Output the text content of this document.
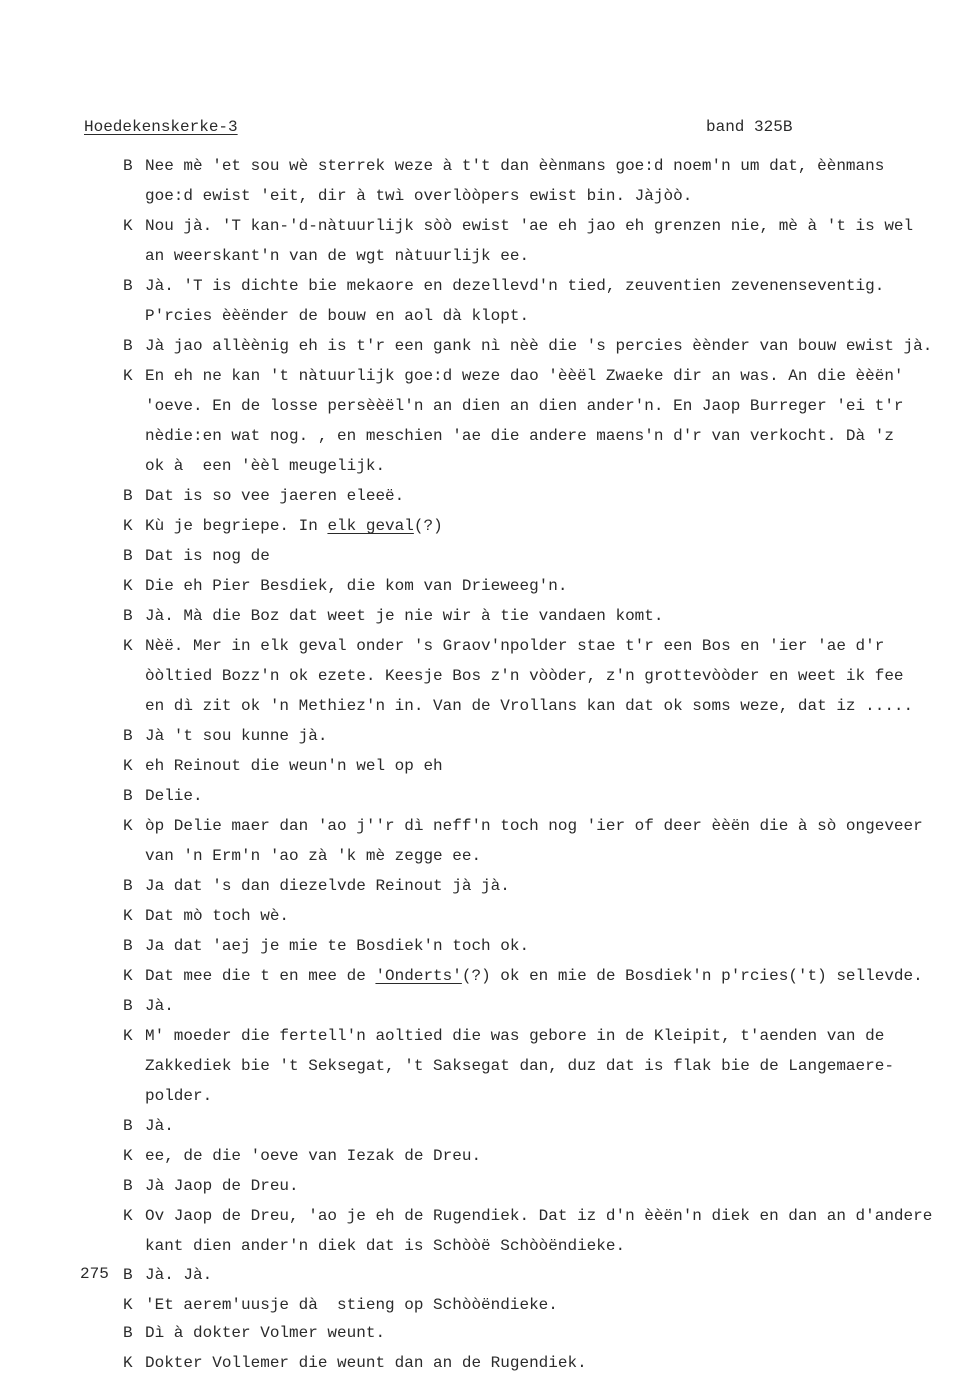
Hoedekenskerke-3	band 325B
B Nee mè 'et sou wè sterrek weze à t't dan èènmans goe:d noem'n um dat, èènmans
goe:d ewist 'eit, dir à twì overlòòpers ewist bin. Jàjòò.
K Nou jà. 'T kan-'d-nàtuurlijk sòò ewist 'ae eh jao eh grenzen nie, mè à 't is wel
an weerskant'n van de wgt nàtuurlijk ee.
B Jà. 'T is dichte bie mekaore en dezellevd'n tied, zeuventien zevenenseventig.
P'rcies èèënder de bouw en aol dà klopt.
B Jà jao allèènig eh is t'r een gank nì nèè die 's percies èènder van bouw ewist jà.
K En eh ne kan 't nàtuurlijk goe:d weze dao 'èèël Zwaeke dir an was. An die èèën'
'oeve. En de losse persèèël'n an dien an dien ander'n. En Jaop Burreger 'ei t'r
nèdie:en wat nog. , en meschien 'ae die andere maens'n d'r van verkocht. Dà 'z
ok à  een 'èèl meugelijk.
B Dat is so vee jaeren eleeë.
K Kù je begriepe. In elk geval(?)
B Dat is nog de
K Die eh Pier Besdiek, die kom van Drieweeg'n.
B Jà. Mà die Boz dat weet je nie wir à tie vandaen komt.
K Nèë. Mer in elk geval onder 's Graov'npolder stae t'r een Bos en 'ier 'ae d'r
òòltied Bozz'n ok ezete. Keesje Bos z'n vòòder, z'n grottevòòder en weet ik fee
en dì zit ok 'n Methiez'n in. Van de Vrollans kan dat ok soms weze, dat iz .....
B Jà 't sou kunne jà.
K eh Reinout die weun'n wel op eh
B Delie.
K òp Delie maer dan 'ao j''r dì neff'n toch nog 'ier of deer èèën die à sò ongeveer
van 'n Erm'n 'ao zà 'k mè zegge ee.
B Ja dat 's dan diezelvde Reinout jà jà.
K Dat mò toch wè.
B Ja dat 'aej je mie te Bosdiek'n toch ok.
K Dat mee die t en mee de 'Onderts'(?) ok en mie de Bosdiek'n p'rcies('t) sellevde.
B Jà.
K M' moeder die fertell'n aoltied die was gebore in de Kleipit, t'aenden van de
Zakkediek bie 't Seksegat, 't Saksegat dan, duz dat is flak bie de Langemaere-
polder.
B Jà.
K ee, de die 'oeve van Iezak de Dreu.
B Jà Jaop de Dreu.
K Ov Jaop de Dreu, 'ao je eh de Rugendiek. Dat iz d'n èèën'n diek en dan an d'andere
kant dien ander'n diek dat is Schòòë Schòòëndieke.
B Jà. Jà.
K 'Et aerem'uusje dà  stieng op Schòòëndieke.
B Dì à dokter Volmer weunt.
K Dokter Vollemer die weunt dan an de Rugendiek.
275
